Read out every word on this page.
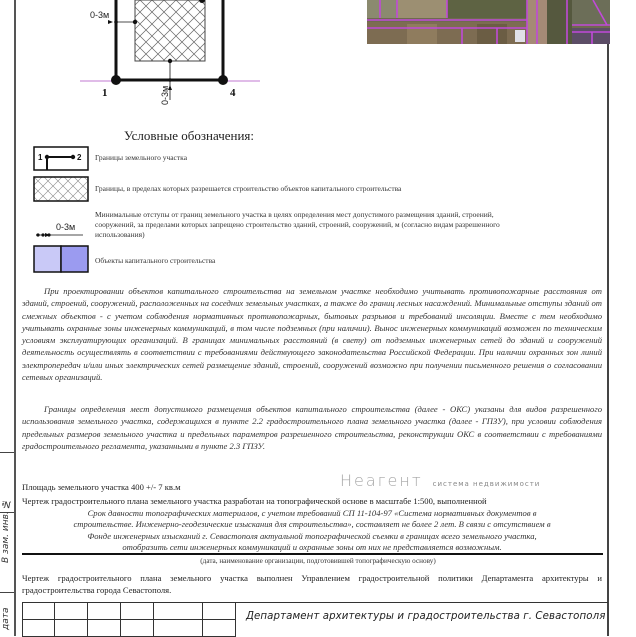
В зам. инв. №
дата
0-3м
0-3м
1	4
Условные обозначения:
1	2 Границы земельного участка
Границы, в пределах которых разрешается строительство объектов капитального строительства
0-3м
Минимальные отступы от границ земельного участка в целях определения мест допустимого размещения зданий, строений,
сооружений, за пределами которых запрещено строительство зданий, строений, сооружений, м (согласно видам разрешенного
использования)
Объекты капитального строительства

При проектировании объектов капитального строительства на земельном участке необходимо учитывать противопожарные расстояния от зданий, строений, сооружений, расположенных на соседних земельных участках, а также до границ лесных насаждений. Минимальные отступы зданий от смежных объектов - с учетом соблюдения нормативных противопожарных, бытовых разрывов и требований инсоляции. Вместе с тем необходимо учитывать охранные зоны инженерных коммуникаций, в том числе подземных (при наличии). Вынос инженерных коммуникаций возможен по техническим условиям эксплуатирующих организаций. В границах минимальных расстояний (в свету) от подземных инженерных сетей до зданий и сооружений деятельность осуществлять в соответствии с требованиями действующего законодательства Российской Федерации. При наличии охранных зон линий электропередач и/или иных электрических сетей размещение зданий, строений, сооружений возможно при получении письменного решения о согласовании сетевых организаций.

Границы определения мест допустимого размещения объектов капитального строительства (далее - ОКС) указаны для видов разрешенного использования земельного участка, содержащихся в пункте 2.2 градостроительного плана земельного участка (далее - ГПЗУ), при условии соблюдения предельных размеров земельного участка и предельных параметров разрешенного строительства, реконструкции ОКС в соответствии с требованиями градостроительного регламента, указанными в пункте 2.3 ГПЗУ.

Площадь земельного участка 400 +/- 7 кв.м	Неагент система недвижимости
Чертеж градостроительного плана земельного участка разработан на топографической основе в масштабе 1:500, выполненной
Срок давности топографических материалов, с учетом требований СП 11-104-97 «Система нормативных документов в
строительстве. Инженерно-геодезические изыскания для строительства», составляет не более 2 лет. В связи с отсутствием в
Фонде инженерных изысканий г. Севастополя актуальной топографической съемки в границах всего земельного участка,
отобразить сети инженерных коммуникаций и охранные зоны от них не представляется возможным.
(дата, наименование организации, подготовившей топографическую основу)
Чертеж градостроительного плана земельного участка выполнен Управлением градостроительной политики Департамента архитектуры и градостроительства города Севастополя.
Департамент архитектуры и градостроительства г. Севастополя
